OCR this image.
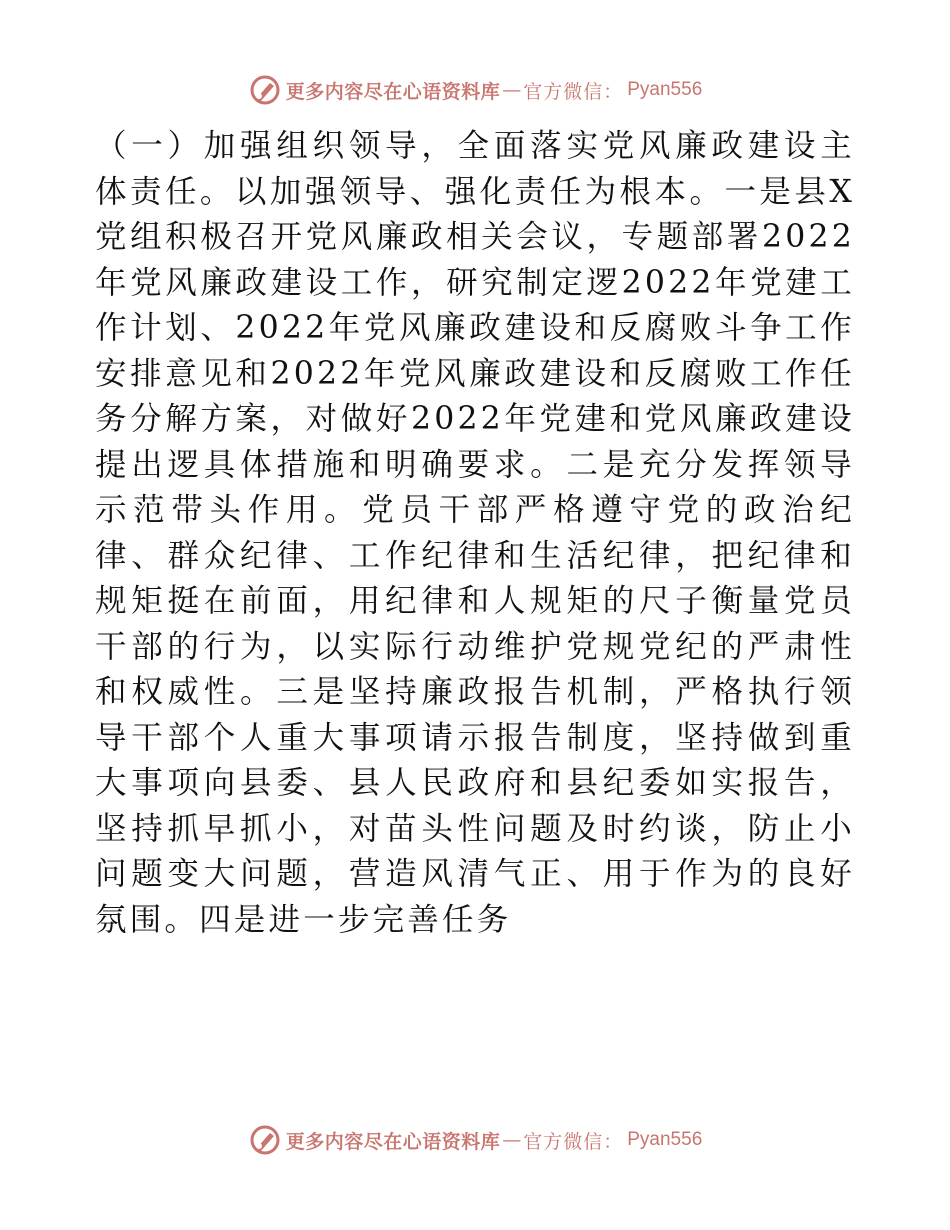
更多内容尽在心语资料库 — 官方微信： Pyan556

（一）加强组织领导，全面落实党风廉政建设主体责任。以加强领导、强化责任为根本。一是县X党组积极召开党风廉政相关会议，专题部署2022年党风廉政建设工作，研究制定逻2022年党建工作计划、2022年党风廉政建设和反腐败斗争工作安排意见和2022年党风廉政建设和反腐败工作任务分解方案，对做好2022年党建和党风廉政建设提出逻具体措施和明确要求。二是充分发挥领导示范带头作用。党员干部严格遵守党的政治纪律、群众纪律、工作纪律和生活纪律，把纪律和规矩挺在前面，用纪律和人规矩的尺子衡量党员干部的行为，以实际行动维护党规党纪的严肃性和权威性。三是坚持廉政报告机制，严格执行领导干部个人重大事项请示报告制度，坚持做到重大事项向县委、县人民政府和县纪委如实报告，坚持抓早抓小，对苗头性问题及时约谈，防止小问题变大问题，营造风清气正、用于作为的良好氛围。四是进一步完善任务

更多内容尽在心语资料库 — 官方微信： Pyan556
